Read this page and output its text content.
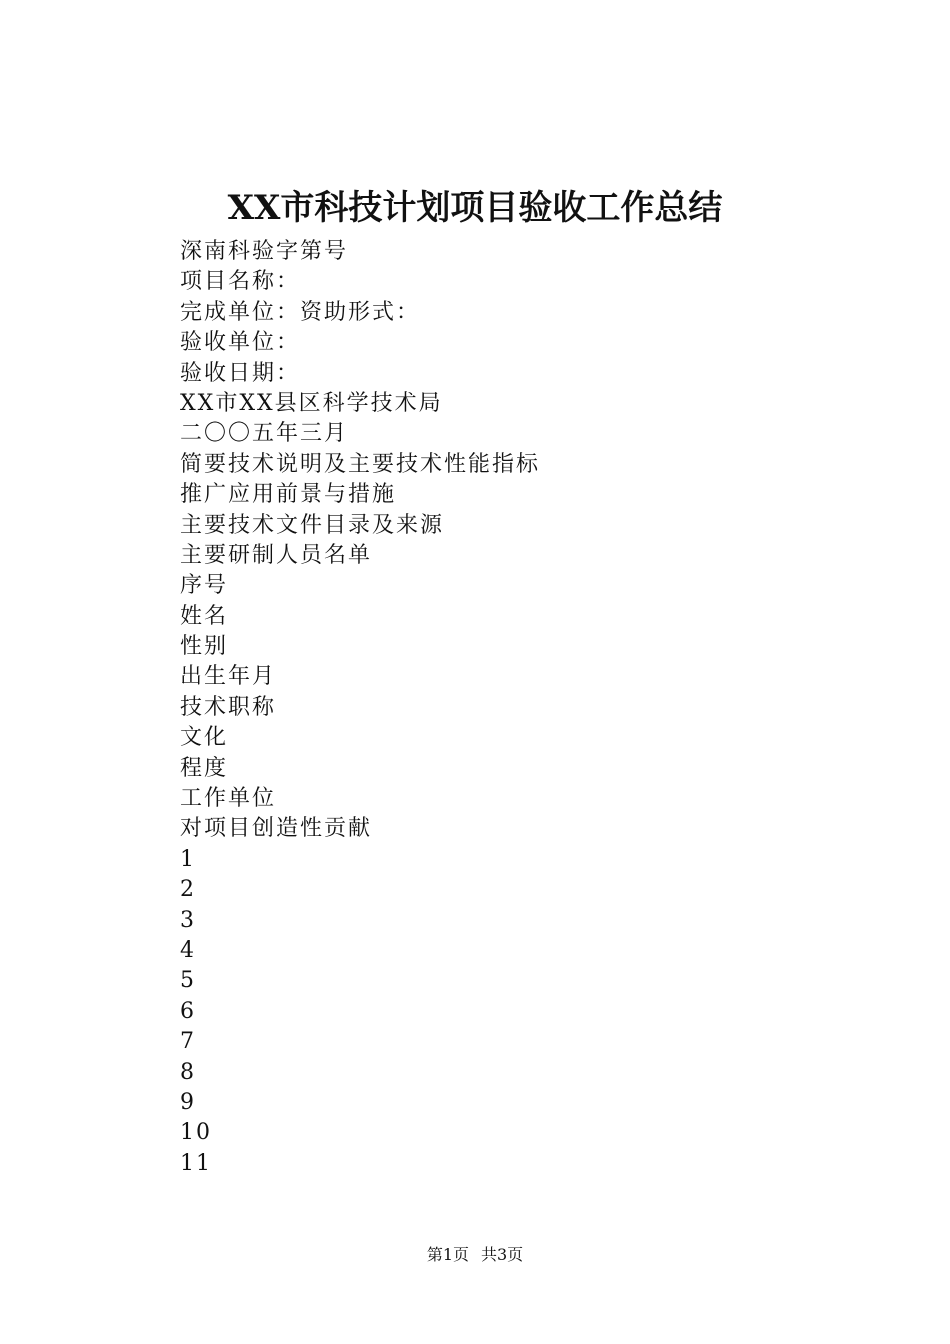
XX市科技计划项目验收工作总结
深南科验字第号
项目名称：
完成单位：资助形式：
验收单位：
验收日期：
XX市XX县区科学技术局
二〇〇五年三月
简要技术说明及主要技术性能指标
推广应用前景与措施
主要技术文件目录及来源
主要研制人员名单
序号
姓名
性别
出生年月
技术职称
文化
程度
工作单位
对项目创造性贡献
1
2
3
4
5
6
7
8
9
10
11
第1页 共3页
